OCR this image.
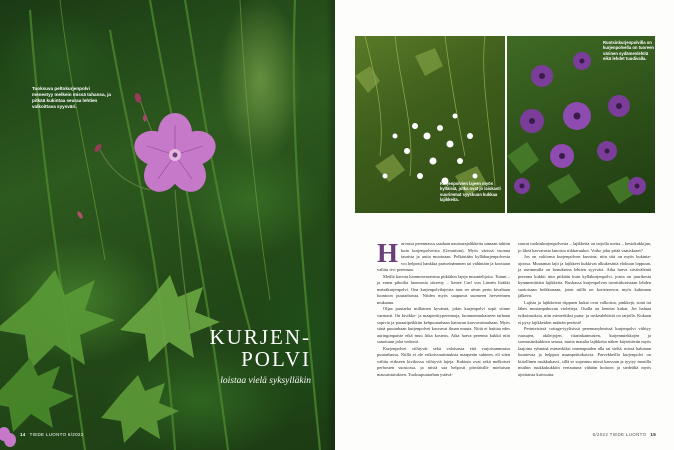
Tuoksuva peltokurjenpolvi menestyy melkein missä tahansa, ja pitkää kukintaa seuraa lehtien valkoittava syysväri.
KURJEN-
POLVI
loistaa vielä syksylläkin
14 TIEDE LUONTO 6/2022
Kurjenpolvien lajeen myös kylläisiä, jotka ovat jo laiskasti suurimmat syyskuun kukkaa lajikkeita.
Ruotsinkurjenpolvilla on kurjenpolvella on tuoreen värinen sydämenlehtiä eikä lehdet tuudivalla.

Harvassa perennassa saadaan nautoarajalikkeita samaan tahtiin kuin kurjenpolveista (Geranium). Myös värissä vuonna tasaista ja uutta muotoaan. Pelkästään kylläkurjenpolvesta voi helposti hankkia pariseinämmen tai vähintäin ja koottaan valittu rivi perennaa.

Meillä kasvaa luonnonvaraisina pitkiäkin lajeja muuntelijoita. Tutum – ja enten pihoilta luonnosta siirretty – lienee Carl von Linnén lisäkki metsäkurjenpolvi. Ona kurjenpolvilajeista taas en aivan perin kivaltaan luontoon puutarhoista. Niiden myös saapunut suomeen herveennen mukaana.

Oljaa puutarha millainen hyvänsä, jokin kurjenpolvi sopii siinne varmasti. On kivikko- ja maaperittyperennoja, luonnonmukaiseen tarhaan sopivia ja paraatipeikkiin kehpuutarhaan kattavan kasvuvoimaltaan. Myös siinä puutarhaan kurjenpolvet kasvavat ilman muuta. Niitä ei haittaa edes auringonpaiste eikä muu liika kosteus. Aika harva perenna kukkii niin sanottuun jalat vedessä.

Kurjenpolvet viihtyvät sekä valoisassa että varjoisammassa puutarhassa. Niillä ei ole erikoisvaatimuksia maaperän suhteen, eli siten valittu etikseen kivikossa viihtyviä lajeja. Kukinto ovat sekä melkoiset perhosten suosiossa, ja niistä saa helposti pörriäisille mieluisan massaistutuksen. Tuoksupuutarhan ystävä-

saavat tuoksukurjenpolvesta – lajikkeita on tarjolla useita – kestokukkijan, jo likeä kasvatusta lanoista riikkaruuhot. Voiko joku pitää vaatiskaset?

Jos on valtionsa kurjenpolven kuosina, niin sitä on myös kukinta-ajoissa. Muutamat lajit ja lajikkeet kukkivat alkukesästä elokuun loppuun, ja useimmilla on bonuksena lehtien syysväri. Aika harva siistivälentä perenna kukkii niin pitkään kuin kylläkurjenpolvi, joista on juurikesta kymmeniittäin lajikkeita. Ruskassa kurjenpolven tavoittikoristaan lehden suotoisaan heikkonaan, joten niillä on koristearvoa myös kukinnan jälkeen.

Lajista ja lajikkeista riippuen kukat ovat valkoisia, pinkkejä, siniä tai lähes mustanpuhuvan violetteja. Osalla on kenetat kukat. Jos haluaa erikoisuuksia, niin esimerkiksi puna- ja ruskealehtisiä on tarjolla. Kukaan ei pysy lajikkeiden määrän perässä!

Perinteisissä cottage-tyylisissä perennaryhmissä kurjenpolvi viihtyy ruusujen, akileijojen, ritarinkannusten, kurjenmiekkojen ja sormustinkukkien seassa, mutta matalia lajikkeita näkee käytettävän myös laajoina ryhminä esimerkiksi omenapuiden alla tai sieltä, missä halutaan luontevaa ja helppoa maanpeittokasvia. Parvekkeilla kurjenpolvi on kiitollinen ruukkukasvi, sillä se sopeutuu niissä kasvuun ja tyytyy monilla muihin ruukkukukkiin vertautuna vähään hoitoon ja siedeältä myös ajoittaista kuivuutta.

6/2022 TIEDE LUONTO 15
